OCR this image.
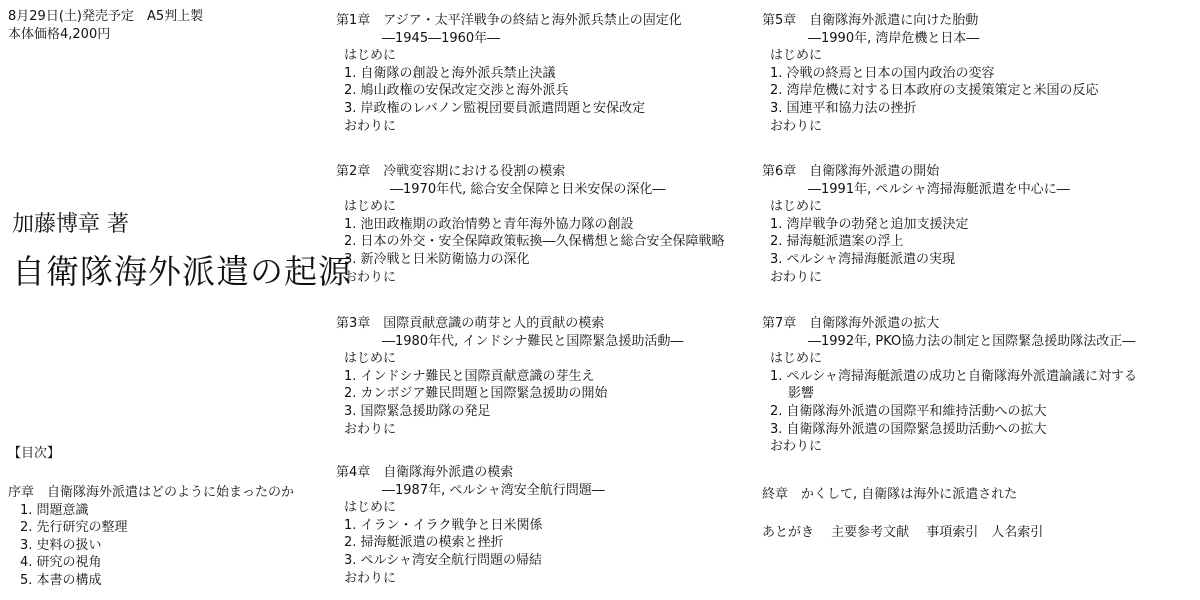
8月29日(土)発売予定　A5判上製
本体価格4,200円
加藤博章 著
自衛隊海外派遣の起源
【目次】
序章　自衛隊海外派遣はどのように始まったのか
1. 問題意識
2. 先行研究の整理
3. 史料の扱い
4. 研究の視角
5. 本書の構成
第1章　アジア・太平洋戦争の終結と海外派兵禁止の固定化
―1945―1960年―
はじめに
1. 自衛隊の創設と海外派兵禁止決議
2. 鳩山政権の安保改定交渉と海外派兵
3. 岸政権のレバノン監視団要員派遣問題と安保改定
おわりに
第2章　冷戦変容期における役割の模索
―1970年代, 総合安全保障と日米安保の深化―
はじめに
1. 池田政権期の政治情勢と青年海外協力隊の創設
2. 日本の外交・安全保障政策転換―久保構想と総合安全保障戦略
3. 新冷戦と日米防衛協力の深化
おわりに
第3章　国際貢献意識の萌芽と人的貢献の模索
―1980年代, インドシナ難民と国際緊急援助活動―
はじめに
1. インドシナ難民と国際貢献意識の芽生え
2. カンボジア難民問題と国際緊急援助の開始
3. 国際緊急援助隊の発足
おわりに
第4章　自衛隊海外派遣の模索
―1987年, ペルシャ湾安全航行問題―
はじめに
1. イラン・イラク戦争と日米関係
2. 掃海艇派遣の模索と挫折
3. ペルシャ湾安全航行問題の帰結
おわりに
第5章　自衛隊海外派遣に向けた胎動
―1990年, 湾岸危機と日本―
はじめに
1. 冷戦の終焉と日本の国内政治の変容
2. 湾岸危機に対する日本政府の支援策策定と米国の反応
3. 国連平和協力法の挫折
おわりに
第6章　自衛隊海外派遣の開始
―1991年, ペルシャ湾掃海艇派遣を中心に―
はじめに
1. 湾岸戦争の勃発と追加支援決定
2. 掃海艇派遣案の浮上
3. ペルシャ湾掃海艇派遣の実現
おわりに
第7章　自衛隊海外派遣の拡大
―1992年, PKO協力法の制定と国際緊急援助隊法改正―
はじめに
1. ペルシャ湾掃海艇派遣の成功と自衛隊海外派遣論議に対する
影響
2. 自衛隊海外派遣の国際平和維持活動への拡大
3. 自衛隊海外派遣の国際緊急援助活動への拡大
おわりに
終章　かくして, 自衛隊は海外に派遣された
あとがき　 主要参考文献　 事項索引　人名索引
